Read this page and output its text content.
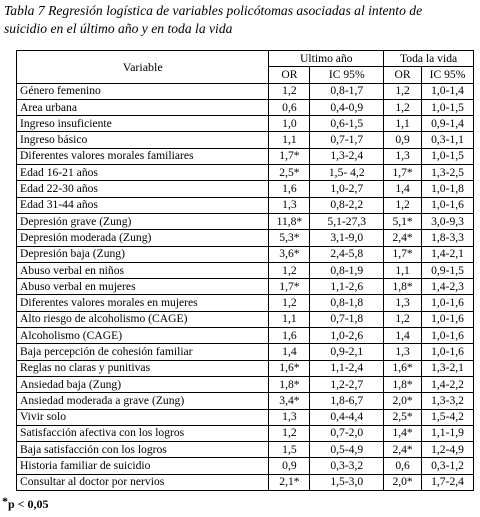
Tabla 7 Regresión logística de variables policótomas asociadas al intento de
suicidio en el último año y en toda la vida
Variable	Ultimo año		Toda la vida	
	OR	IC 95%	OR	IC 95%
Género femenino	1,2	0,8-1,7	1,2	1,0-1,4
Area urbana	0,6	0,4-0,9	1,2	1,0-1,5
Ingreso insuficiente	1,0	0,6-1,5	1,1	0,9-1,4
Ingreso básico	1,1	0,7-1,7	0,9	0,3-1,1
Diferentes valores morales familiares	1,7*	1,3-2,4	1,3	1,0-1,5
Edad 16-21 años	2,5*	1,5- 4,2	1,7*	1,3-2,5
Edad 22-30 años	1,6	1,0-2,7	1,4	1,0-1,8
Edad 31-44 años	1,3	0,8-2,2	1,2	1,0-1,6
Depresión grave (Zung)	11,8*	5,1-27,3	5,1*	3,0-9,3
Depresión moderada (Zung)	5,3*	3,1-9,0	2,4*	1,8-3,3
Depresión baja (Zung)	3,6*	2,4-5,8	1,7*	1,4-2,1
Abuso verbal en niños	1,2	0,8-1,9	1,1	0,9-1,5
Abuso verbal en mujeres	1,7*	1,1-2,6	1,8*	1,4-2,3
Diferentes valores morales en mujeres	1,2	0,8-1,8	1,3	1,0-1,6
Alto riesgo de alcoholismo (CAGE)	1,1	0,7-1,8	1,2	1,0-1,6
Alcoholismo (CAGE)	1,6	1,0-2,6	1,4	1,0-1,6
Baja percepción de cohesión familiar	1,4	0,9-2,1	1,3	1,0-1,6
Reglas no claras y punitivas	1,6*	1,1-2,4	1,6*	1,3-2,1
Ansiedad baja (Zung)	1,8*	1,2-2,7	1,8*	1,4-2,2
Ansiedad moderada a grave (Zung)	3,4*	1,8-6,7	2,0*	1,3-3,2
Vivir solo	1,3	0,4-4,4	2,5*	1,5-4,2
Satisfacción afectiva con los logros	1,2	0,7-2,0	1,4*	1,1-1,9
Baja satisfacción con los logros	1,5	0,5-4,9	2,4*	1,2-4,9
Historia familiar de suicidio	0,9	0,3-3,2	0,6	0,3-1,2
Consultar al doctor por nervios	2,1*	1,5-3,0	2,0*	1,7-2,4
*p < 0,05
